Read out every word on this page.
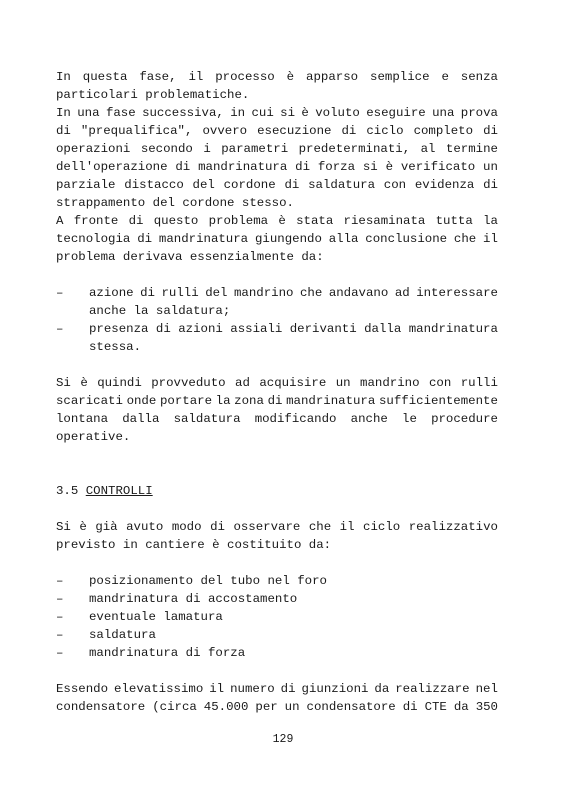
In questa fase, il processo è apparso semplice e senza
particolari problematiche.
In una fase successiva, in cui si è voluto eseguire una prova
di "prequalifica", ovvero esecuzione di ciclo completo di
operazioni secondo i parametri predeterminati, al termine
dell'operazione di mandrinatura di forza si è verificato un
parziale distacco del cordone di saldatura con evidenza di
strappamento del cordone stesso.
A fronte di questo problema è stata riesaminata tutta la
tecnologia di mandrinatura giungendo alla conclusione che il
problema derivava essenzialmente da:
– azione di rulli del mandrino che andavano ad interessare
anche la saldatura;
– presenza di azioni assiali derivanti dalla mandrinatura
stessa.
Si è quindi provveduto ad acquisire un mandrino con rulli
scaricati onde portare la zona di mandrinatura sufficientemente
lontana dalla saldatura modificando anche le procedure
operative.
3.5 CONTROLLI
Si è già avuto modo di osservare che il ciclo realizzativo
previsto in cantiere è costituito da:
– posizionamento del tubo nel foro
– mandrinatura di accostamento
– eventuale lamatura
– saldatura
– mandrinatura di forza
Essendo elevatissimo il numero di giunzioni da realizzare nel
condensatore (circa 45.000 per un condensatore di CTE da 350
129
